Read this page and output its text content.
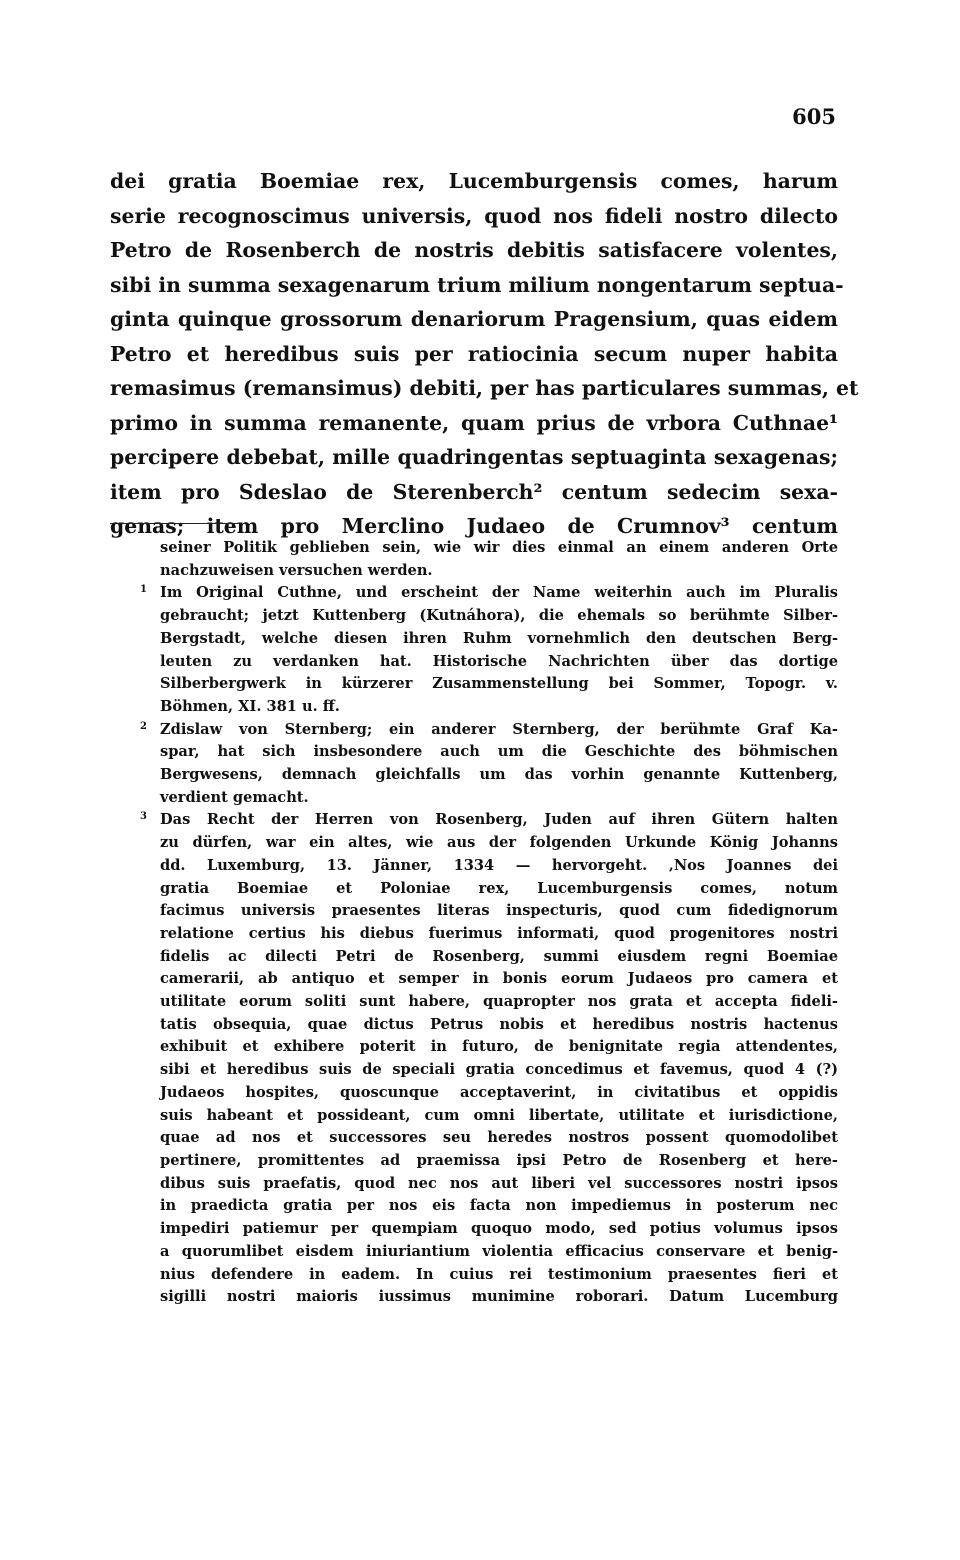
605
dei gratia Boemiae rex, Lucemburgensis comes, harum
serie recognoscimus universis, quod nos fideli nostro dilecto
Petro de Rosenberch de nostris debitis satisfacere volentes,
sibi in summa sexagenarum trium milium nongentarum septua-
ginta quinque grossorum denariorum Pragensium, quas eidem
Petro et heredibus suis per ratiocinia secum nuper habita
remasimus (remansimus) debiti, per has particulares summas, et
primo in summa remanente, quam prius de vrbora Cuthnae¹
percipere debebat, mille quadringentas septuaginta sexagenas;
item pro Sdeslao de Sterenberch² centum sedecim sexa-
genas; item pro Merclino Judaeo de Crumnov³ centum
seiner Politik geblieben sein, wie wir dies einmal an einem anderen Orte
nachzuweisen versuchen werden.
1 Im Original Cuthne, und erscheint der Name weiterhin auch im Pluralis
gebraucht; jetzt Kuttenberg (Kutnáhora), die ehemals so berühmte Silber-
Bergstadt, welche diesen ihren Ruhm vornehmlich den deutschen Berg-
leuten zu verdanken hat. Historische Nachrichten über das dortige
Silberbergwerk in kürzerer Zusammenstellung bei Sommer, Topogr. v.
Böhmen, XI. 381 u. ff.
2 Zdislaw von Sternberg; ein anderer Sternberg, der berühmte Graf Ka-
spar, hat sich insbesondere auch um die Geschichte des böhmischen
Bergwesens, demnach gleichfalls um das vorhin genannte Kuttenberg,
verdient gemacht.
3 Das Recht der Herren von Rosenberg, Juden auf ihren Gütern halten
zu dürfen, war ein altes, wie aus der folgenden Urkunde König Johanns
dd. Luxemburg, 13. Jänner, 1334 — hervorgeht. ‚Nos Joannes dei
gratia Boemiae et Poloniae rex, Lucemburgensis comes, notum
facimus universis praesentes literas inspecturis, quod cum fidedignorum
relatione certius his diebus fuerimus informati, quod progenitores nostri
fidelis ac dilecti Petri de Rosenberg, summi eiusdem regni Boemiae
camerarii, ab antiquo et semper in bonis eorum Judaeos pro camera et
utilitate eorum soliti sunt habere, quapropter nos grata et accepta fideli-
tatis obsequia, quae dictus Petrus nobis et heredibus nostris hactenus
exhibuit et exhibere poterit in futuro, de benignitate regia attendentes,
sibi et heredibus suis de speciali gratia concedimus et favemus, quod 4 (?)
Judaeos hospites, quoscunque acceptaverint, in civitatibus et oppidis
suis habeant et possideant, cum omni libertate, utilitate et iurisdictione,
quae ad nos et successores seu heredes nostros possent quomodolibet
pertinere, promittentes ad praemissa ipsi Petro de Rosenberg et here-
dibus suis praefatis, quod nec nos aut liberi vel successores nostri ipsos
in praedicta gratia per nos eis facta non impediemus in posterum nec
impediri patiemur per quempiam quoquo modo, sed potius volumus ipsos
a quorumlibet eisdem iniuriantium violentia efficacius conservare et benig-
nius defendere in eadem. In cuius rei testimonium praesentes fieri et
sigilli nostri maioris iussimus munimine roborari. Datum Lucemburg
